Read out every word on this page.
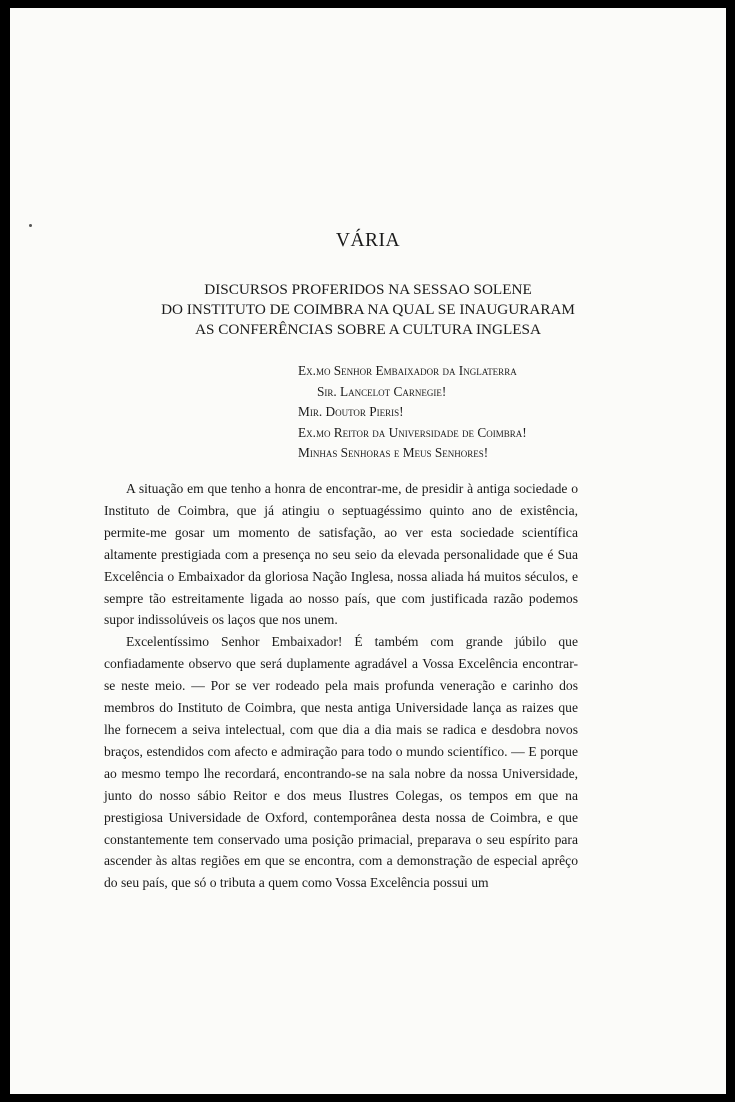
VÁRIA
DISCURSOS PROFERIDOS NA SESSAO SOLENE
DO INSTITUTO DE COIMBRA NA QUAL SE INAUGURARAM
AS CONFERÊNCIAS SOBRE A CULTURA INGLESA
Ex.mo Senhor Embaixador da Inglaterra
Sir. Lancelot Carnegie!
Mir. Doutor Pieris!
Ex.mo Reitor da Universidade de Coimbra!
Minhas Senhoras e Meus Senhores!

A situação em que tenho a honra de encontrar-me, de presidir à antiga sociedade o Instituto de Coimbra, que já atingiu o septuagéssimo quinto ano de existência, permite-me gosar um momento de satisfação, ao ver esta sociedade scientífica altamente prestigiada com a presença no seu seio da elevada personalidade que é Sua Excelência o Embaixador da gloriosa Nação Inglesa, nossa aliada há muitos séculos, e sempre tão estreitamente ligada ao nosso país, que com justificada razão podemos supor indissolúveis os laços que nos unem.

Excelentíssimo Senhor Embaixador! É também com grande júbilo que confiadamente observo que será duplamente agradável a Vossa Excelência encontrar-se neste meio. — Por se ver rodeado pela mais profunda veneração e carinho dos membros do Instituto de Coimbra, que nesta antiga Universidade lança as raizes que lhe fornecem a seiva intelectual, com que dia a dia mais se radica e desdobra novos braços, estendidos com afecto e admiração para todo o mundo scientífico. — E porque ao mesmo tempo lhe recordará, encontrando-se na sala nobre da nossa Universidade, junto do nosso sábio Reitor e dos meus Ilustres Colegas, os tempos em que na prestigiosa Universidade de Oxford, contemporânea desta nossa de Coimbra, e que constantemente tem conservado uma posição primacial, preparava o seu espírito para ascender às altas regiões em que se encontra, com a demonstração de especial aprêço do seu país, que só o tributa a quem como Vossa Excelência possui um
